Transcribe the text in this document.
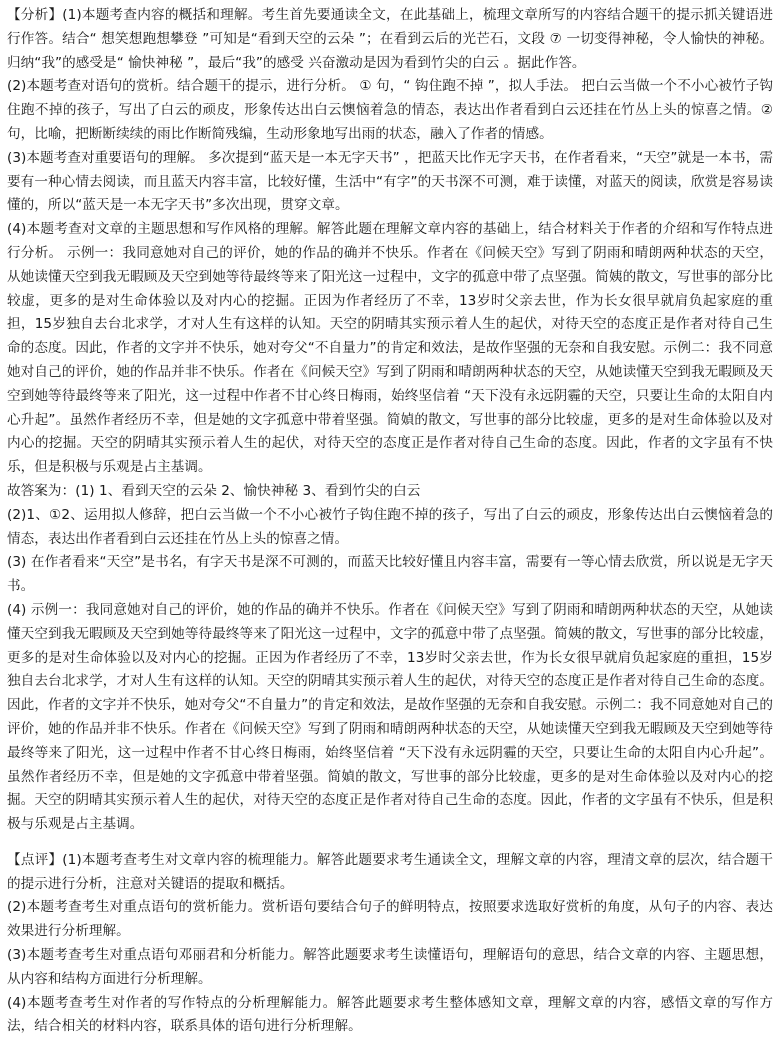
【分析】(1)本题考查内容的概括和理解。考生首先要通读全文，在此基础上，梳理文章所写的内容结合题干的提示抓关键语进行作答。结合“ 想笑想跑想攀登 ”可知是“看到天空的云朵 ”；在看到云后的光芒石，文段 ⑦ 一切变得神秘，令人愉快的神秘。 归纳“我”的感受是“ 愉快神秘 ”，最后“我”的感受 兴奋激动是因为看到竹尖的白云 。据此作答。

(2)本题考查对语句的赏析。结合题干的提示，进行分析。 ① 句，“ 钩住跑不掉 ”，拟人手法。 把白云当做一个不小心被竹子钩住跑不掉的孩子，写出了白云的顽皮，形象传达出白云懊恼着急的情态，表达出作者看到白云还挂在竹丛上头的惊喜之情。② 句，比喻，把断断续续的雨比作断简残编，生动形象地写出雨的状态，融入了作者的情感。

(3)本题考查对重要语句的理解。 多次提到“蓝天是一本无字天书” ，把蓝天比作无字天书，在作者看来，“天空”就是一本书，需要有一种心情去阅读，而且蓝天内容丰富，比较好懂，生活中“有字”的天书深不可测，难于读懂，对蓝天的阅读，欣赏是容易读懂的，所以“蓝天是一本无字天书”多次出现，贯穿文章。

(4)本题考查对文章的主题思想和写作风格的理解。解答此题在理解文章内容的基础上，结合材料关于作者的介绍和写作特点进行分析。 示例一：我同意她对自己的评价，她的作品的确并不快乐。作者在《问候天空》写到了阴雨和晴朗两种状态的天空，从她读懂天空到我无暇顾及天空到她等待最终等来了阳光这一过程中，文字的孤意中带了点坚强。简姨的散文，写世事的部分比较虚，更多的是对生命体验以及对内心的挖掘。正因为作者经历了不幸，13岁时父亲去世，作为长女很早就肩负起家庭的重担，15岁独自去台北求学，才对人生有这样的认知。天空的阴晴其实预示着人生的起伏，对待天空的态度正是作者对待自己生命的态度。因此，作者的文字并不快乐，她对夸父“不自量力”的肯定和效法，是故作坚强的无奈和自我安慰。示例二：我不同意她对自己的评价，她的作品并非不快乐。作者在《问候天空》写到了阴雨和晴朗两种状态的天空，从她读懂天空到我无暇顾及天空到她等待最终等来了阳光，这一过程中作者不甘心终日梅雨，始终坚信着 “天下没有永远阴霾的天空，只要让生命的太阳自内心升起”。虽然作者经历不幸，但是她的文字孤意中带着坚强。简媜的散文，写世事的部分比较虚，更多的是对生命体验以及对内心的挖掘。天空的阴晴其实预示着人生的起伏，对待天空的态度正是作者对待自己生命的态度。因此，作者的文字虽有不快乐，但是积极与乐观是占主基调。

故答案为：(1) 1、看到天空的云朵 2、愉快神秘 3、看到竹尖的白云

(2)1、①2、运用拟人修辞，把白云当做一个不小心被竹子钩住跑不掉的孩子，写出了白云的顽皮，形象传达出白云懊恼着急的情态，表达出作者看到白云还挂在竹丛上头的惊喜之情。

(3) 在作者看来“天空”是书名，有字天书是深不可测的，而蓝天比较好懂且内容丰富，需要有一等心情去欣赏，所以说是无字天书。

(4) 示例一：我同意她对自己的评价，她的作品的确并不快乐。作者在《问候天空》写到了阴雨和晴朗两种状态的天空，从她读懂天空到我无暇顾及天空到她等待最终等来了阳光这一过程中，文字的孤意中带了点坚强。简姨的散文，写世事的部分比较虚，更多的是对生命体验以及对内心的挖掘。正因为作者经历了不幸，13岁时父亲去世，作为长女很早就肩负起家庭的重担，15岁独自去台北求学，才对人生有这样的认知。天空的阴晴其实预示着人生的起伏，对待天空的态度正是作者对待自己生命的态度。因此，作者的文字并不快乐，她对夸父“不自量力”的肯定和效法，是故作坚强的无奈和自我安慰。示例二：我不同意她对自己的评价，她的作品并非不快乐。作者在《问候天空》写到了阴雨和晴朗两种状态的天空，从她读懂天空到我无暇顾及天空到她等待最终等来了阳光，这一过程中作者不甘心终日梅雨，始终坚信着 “天下没有永远阴霾的天空，只要让生命的太阳自内心升起”。虽然作者经历不幸，但是她的文字孤意中带着坚强。简媜的散文，写世事的部分比较虚，更多的是对生命体验以及对内心的挖掘。天空的阴晴其实预示着人生的起伏，对待天空的态度正是作者对待自己生命的态度。因此，作者的文字虽有不快乐，但是积极与乐观是占主基调。

【点评】(1)本题考查考生对文章内容的梳理能力。解答此题要求考生通读全文，理解文章的内容，理清文章的层次，结合题干的提示进行分析，注意对关键语的提取和概括。

(2)本题考查考生对重点语句的赏析能力。赏析语句要结合句子的鲜明特点，按照要求选取好赏析的角度，从句子的内容、表达效果进行分析理解。

(3)本题考查考生对重点语句邓丽君和分析能力。解答此题要求考生读懂语句，理解语句的意思，结合文章的内容、主题思想，从内容和结构方面进行分析理解。

(4)本题考查考生对作者的写作特点的分析理解能力。解答此题要求考生整体感知文章，理解文章的内容，感悟文章的写作方法，结合相关的材料内容，联系具体的语句进行分析理解。
